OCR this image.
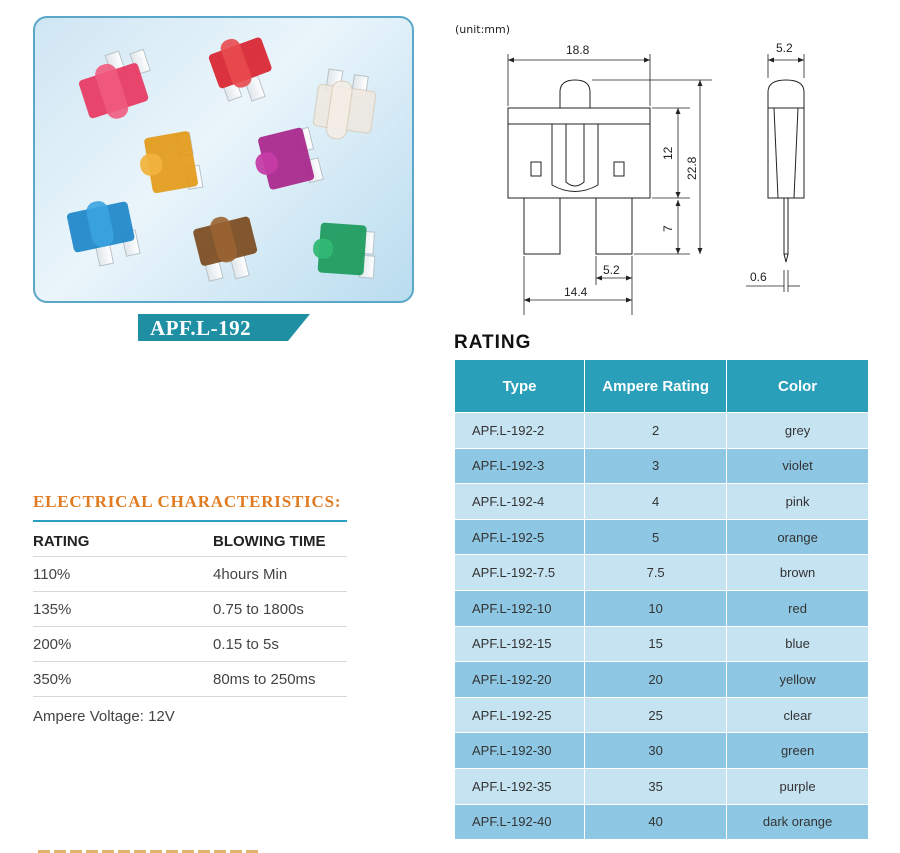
APF.L-192
(unit:mm)
18.8
14.4
5.2
12
7
22.8
5.2
0.6
ELECTRICAL CHARACTERISTICS:
RATING	BLOWING TIME
110%	4hours Min
135%	0.75 to 1800s
200%	0.15 to 5s
350%	80ms to 250ms
Ampere Voltage: 12V
RATING
Type	Ampere Rating	Color
APF.L-192-2	2	grey
APF.L-192-3	3	violet
APF.L-192-4	4	pink
APF.L-192-5	5	orange
APF.L-192-7.5	7.5	brown
APF.L-192-10	10	red
APF.L-192-15	15	blue
APF.L-192-20	20	yellow
APF.L-192-25	25	clear
APF.L-192-30	30	green
APF.L-192-35	35	purple
APF.L-192-40	40	dark orange
